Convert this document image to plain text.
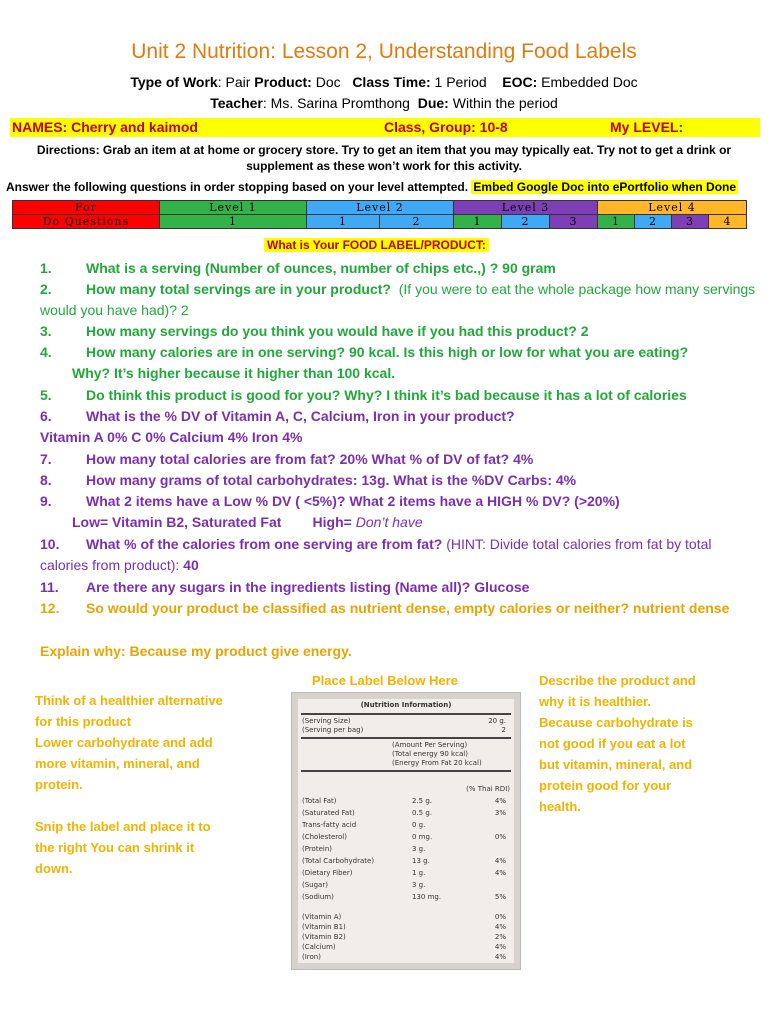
Unit 2 Nutrition: Lesson 2, Understanding Food Labels
Type of Work: Pair Product: Doc Class Time: 1 Period EOC: Embedded Doc
Teacher: Ms. Sarina Promthong Due: Within the period
NAMES: Cherry and kaimod	Class, Group: 10-8	My LEVEL:
Directions: Grab an item at at home or grocery store. Try to get an item that you may typically eat. Try not to get a drink or supplement as these won’t work for this activity.
Answer the following questions in order stopping based on your level attempted. Embed Google Doc into ePortfolio when Done
For	Level 1	Level 2		Level 3			Level 4			
Do Questions	1	1	2	1	2	3	1	2	3	4
What is Your FOOD LABEL/PRODUCT:
1. What is a serving (Number of ounces, number of chips etc.,) ? 90 gram
2. How many total servings are in your product? (If you were to eat the whole package how many servings would you have had)? 2
3. How many servings do you think you would have if you had this product? 2
4. How many calories are in one serving? 90 kcal. Is this high or low for what you are eating?
Why? It’s higher because it higher than 100 kcal.
5. Do think this product is good for you? Why? I think it’s bad because it has a lot of calories
6. What is the % DV of Vitamin A, C, Calcium, Iron in your product?
Vitamin A 0% C 0% Calcium 4% Iron 4%
7. How many total calories are from fat? 20% What % of DV of fat? 4%
8. How many grams of total carbohydrates: 13g. What is the %DV Carbs: 4%
9. What 2 items have a Low % DV ( <5%)? What 2 items have a HIGH % DV? (>20%)
Low= Vitamin B2, Saturated Fat High= Don’t have
10. What % of the calories from one serving are from fat? (HINT: Divide total calories from fat by total calories from product): 40
11. Are there any sugars in the ingredients listing (Name all)? Glucose
12. So would your product be classified as nutrient dense, empty calories or neither? nutrient dense
Explain why: Because my product give energy.
Think of a healthier alternative
for this product
Lower carbohydrate and add
more vitamin, mineral, and
protein.
Snip the label and place it to
the right You can shrink it
down.
Place Label Below Here	Describe the product and
why it is healthier.
Because carbohydrate is
not good if you eat a lot
but vitamin, mineral, and
protein good for your
health.
(Nutrition Information)
(Serving Size)	20 g.
(Serving per bag)	2
(Amount Per Serving)
(Total energy 90 kcal)
(Energy From Fat 20 kcal)
(% Thai RDI)
(Total Fat)	2.5 g.	4%
(Saturated Fat)	0.5 g.	3%
Trans-fatty acid	0 g.
(Cholesterol)	0 mg.	0%
(Protein)	3 g.
(Total Carbohydrate)	13 g.	4%
(Dietary Fiber)	1 g.	4%
(Sugar)	3 g.
(Sodium)	130 mg.	5%
(Vitamin A)	0%
(Vitamin B1)	4%
(Vitamin B2)	2%
(Calcium)	4%
(Iron)	4%
